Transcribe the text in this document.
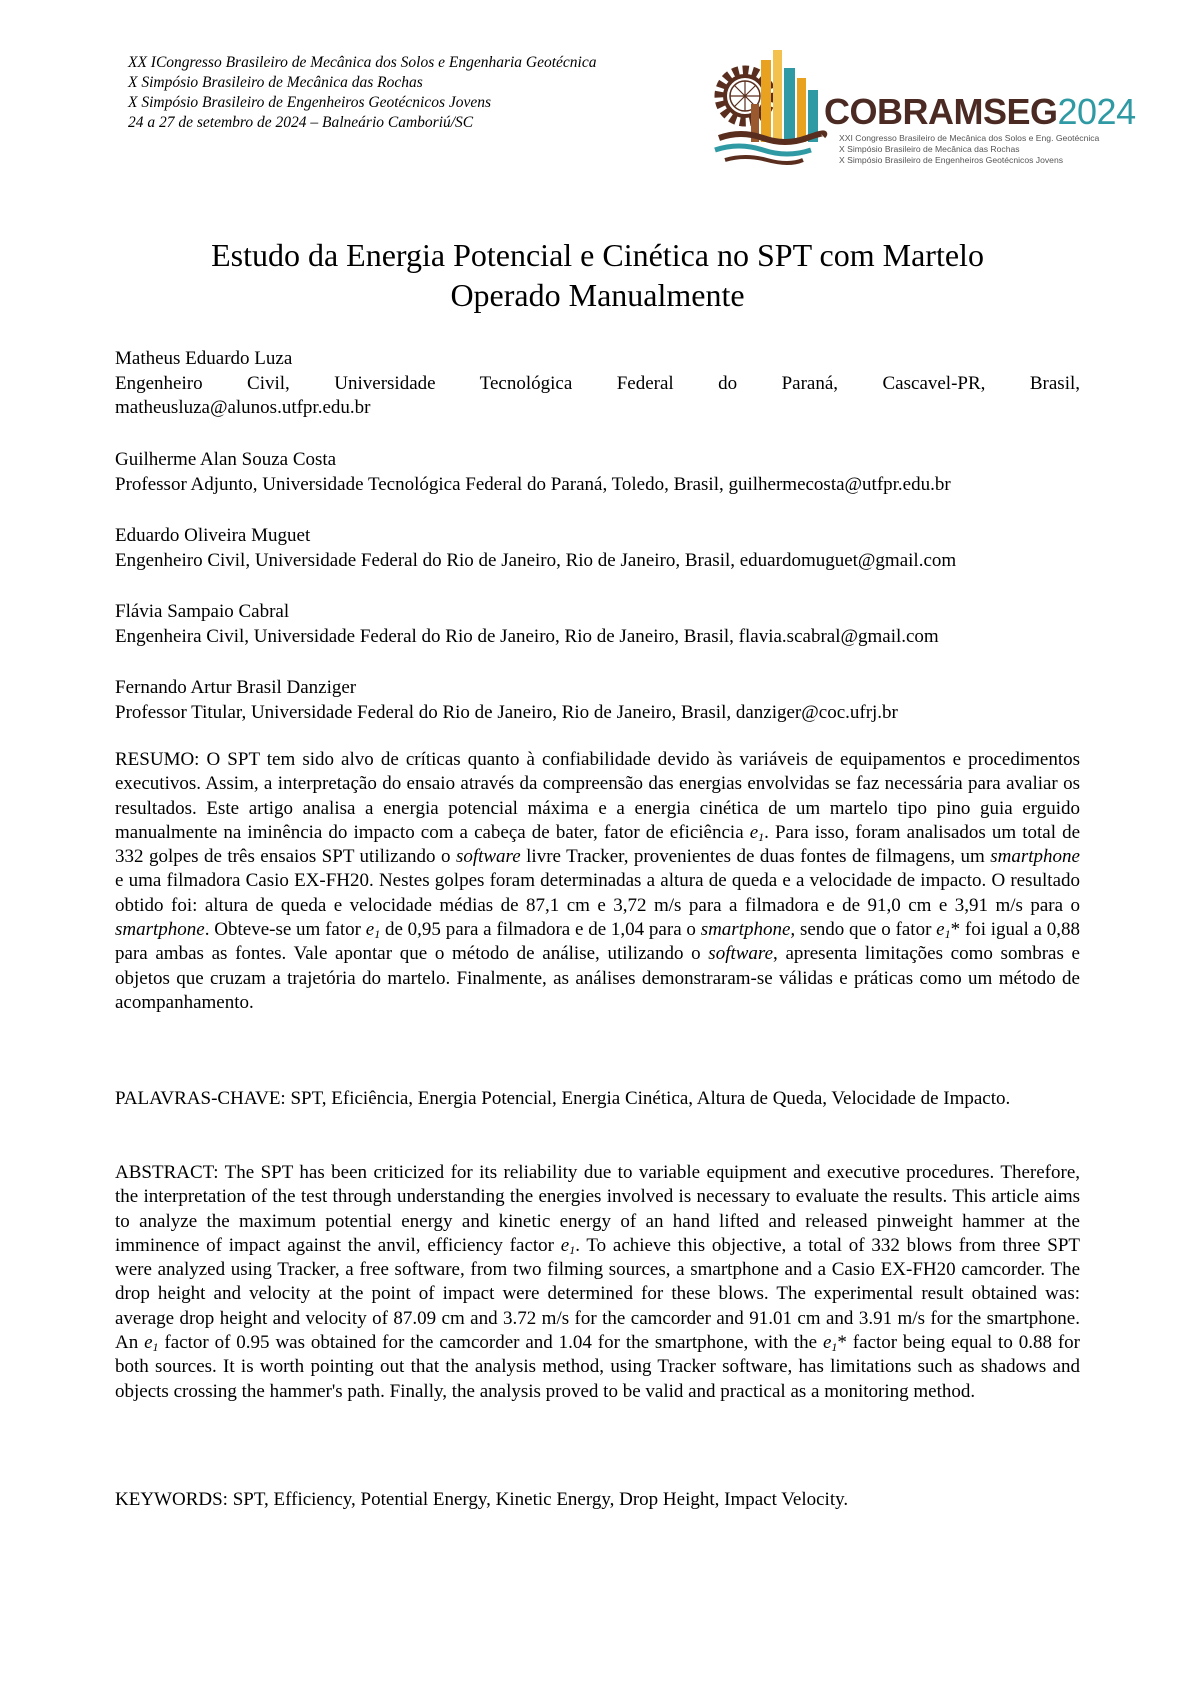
XX ICongresso Brasileiro de Mecânica dos Solos e Engenharia Geotécnica
X Simpósio Brasileiro de Mecânica das Rochas
X Simpósio Brasileiro de Engenheiros Geotécnicos Jovens
24 a 27 de setembro de 2024 – Balneário Camboriú/SC	COBRAMSEG2024
XXI Congresso Brasileiro de Mecânica dos Solos e Eng. Geotécnica
X Simpósio Brasileiro de Mecânica das Rochas
X Simpósio Brasileiro de Engenheiros Geotécnicos Jovens
Estudo da Energia Potencial e Cinética no SPT com Martelo
Operado Manualmente
Matheus Eduardo Luza
Engenheiro Civil, Universidade Tecnológica Federal do Paraná, Cascavel-PR, Brasil,
matheusluza@alunos.utfpr.edu.br
Guilherme Alan Souza Costa
Professor Adjunto, Universidade Tecnológica Federal do Paraná, Toledo, Brasil, guilhermecosta@utfpr.edu.br
Eduardo Oliveira Muguet
Engenheiro Civil, Universidade Federal do Rio de Janeiro, Rio de Janeiro, Brasil, eduardomuguet@gmail.com
Flávia Sampaio Cabral
Engenheira Civil, Universidade Federal do Rio de Janeiro, Rio de Janeiro, Brasil, flavia.scabral@gmail.com
Fernando Artur Brasil Danziger
Professor Titular, Universidade Federal do Rio de Janeiro, Rio de Janeiro, Brasil, danziger@coc.ufrj.br
RESUMO: O SPT tem sido alvo de críticas quanto à confiabilidade devido às variáveis de equipamentos e procedimentos executivos. Assim, a interpretação do ensaio através da compreensão das energias envolvidas se faz necessária para avaliar os resultados. Este artigo analisa a energia potencial máxima e a energia cinética de um martelo tipo pino guia erguido manualmente na iminência do impacto com a cabeça de bater, fator de eficiência $e_1$. Para isso, foram analisados um total de 332 golpes de três ensaios SPT utilizando o software livre Tracker, provenientes de duas fontes de filmagens, um smartphone e uma filmadora Casio EX-FH20. Nestes golpes foram determinadas a altura de queda e a velocidade de impacto. O resultado obtido foi: altura de queda e velocidade médias de 87,1 cm e 3,72 m/s para a filmadora e de 91,0 cm e 3,91 m/s para o smartphone. Obteve-se um fator $e_1$ de 0,95 para a filmadora e de 1,04 para o smartphone, sendo que o fator $e_1*$ foi igual a 0,88 para ambas as fontes. Vale apontar que o método de análise, utilizando o software, apresenta limitações como sombras e objetos que cruzam a trajetória do martelo. Finalmente, as análises demonstraram-se válidas e práticas como um método de acompanhamento.
PALAVRAS-CHAVE: SPT, Eficiência, Energia Potencial, Energia Cinética, Altura de Queda, Velocidade de Impacto.
ABSTRACT: The SPT has been criticized for its reliability due to variable equipment and executive procedures. Therefore, the interpretation of the test through understanding the energies involved is necessary to evaluate the results. This article aims to analyze the maximum potential energy and kinetic energy of an hand lifted and released pinweight hammer at the imminence of impact against the anvil, efficiency factor $e_1$. To achieve this objective, a total of 332 blows from three SPT were analyzed using Tracker, a free software, from two filming sources, a smartphone and a Casio EX-FH20 camcorder. The drop height and velocity at the point of impact were determined for these blows. The experimental result obtained was: average drop height and velocity of 87.09 cm and 3.72 m/s for the camcorder and 91.01 cm and 3.91 m/s for the smartphone. An $e_1$ factor of 0.95 was obtained for the camcorder and 1.04 for the smartphone, with the $e_1*$ factor being equal to 0.88 for both sources. It is worth pointing out that the analysis method, using Tracker software, has limitations such as shadows and objects crossing the hammer's path. Finally, the analysis proved to be valid and practical as a monitoring method.
KEYWORDS: SPT, Efficiency, Potential Energy, Kinetic Energy, Drop Height, Impact Velocity.
